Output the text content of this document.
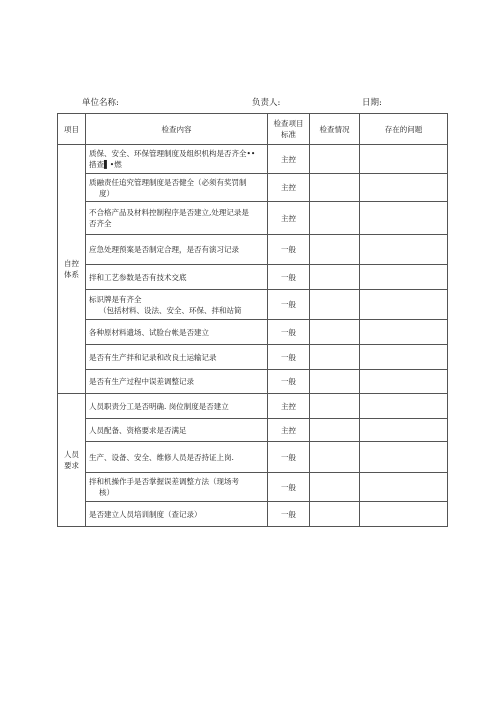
单位名称:	负责人:	日期:
项目	检查内容	检查项目标准	检查情况	存在的问题
自控体系	质保、安全、环保管理制度及组织机构是否齐全••
措查▌•燃	主控		
	质融责任追究管理制度是否健全（必须有奖罚制
度）	主控		
	不合格产品及材料控制程序是否建立,处理记录是
否齐全	主控		
	应急处理预案是否制定合理，是否有演习记录	一般		
	拌和工艺参数是否有技术交底	一般		
	标识牌是有齐全
（包括材料、设法、安全、环保、拌和站简	一般		
	各种原材料遗场、试脸台帐是否建立	一般		
	是否有生产拌和记录和改良土运输记录	一般		
	是否有生产过程中误差调整记录	一般		
人员要求	人员职责分工是否明确. 岗位制度是否建立	主控		
	人员配备、资格要求是否满足	主控		
	生产、设备、安全、维修人员是否持证上岗.	一般		
	拌和机操作手是否掌握误差调整方法（现场考
核）	一般		
	是否建立人员培训制度（查记录）	一般		
